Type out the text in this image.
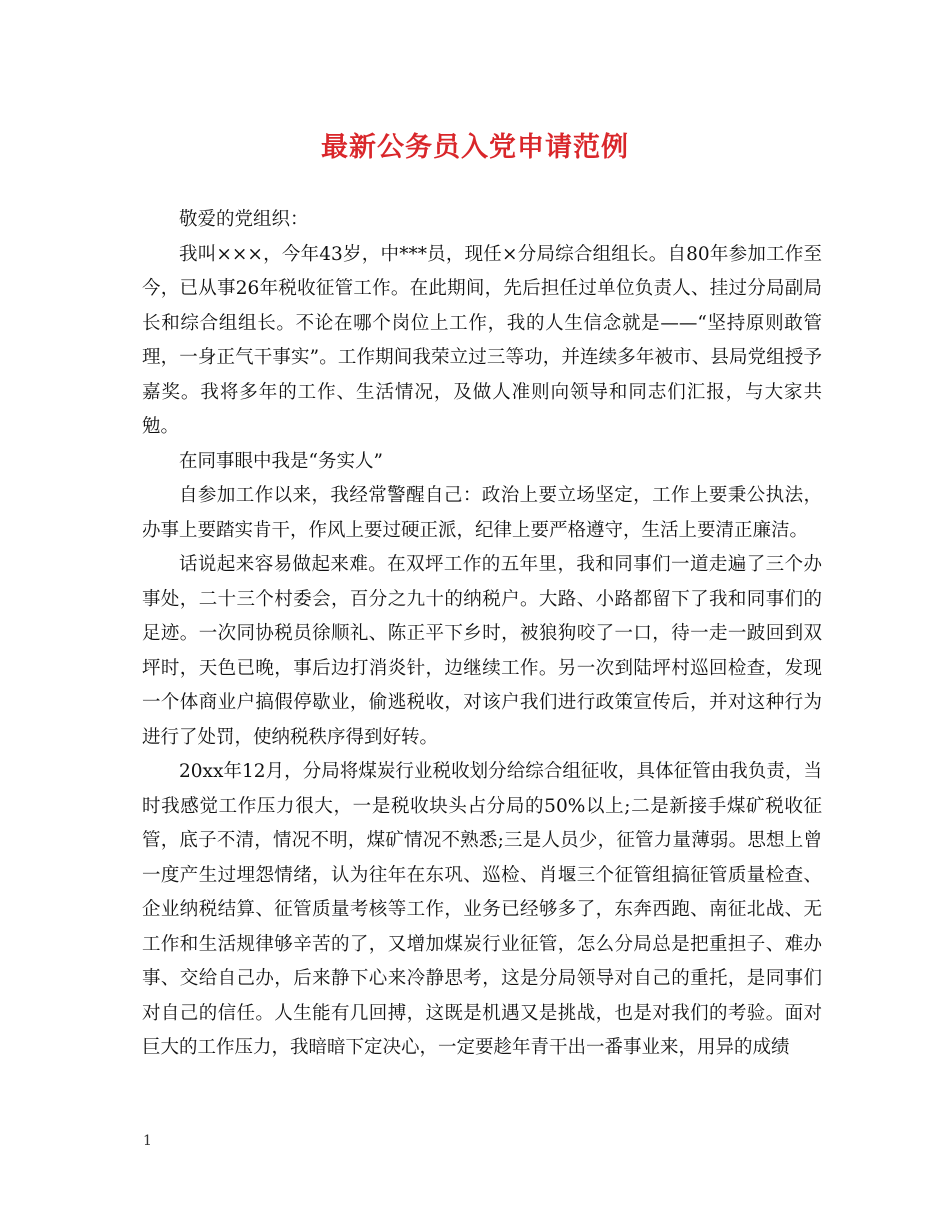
最新公务员入党申请范例

敬爱的党组织：

我叫×××，今年43岁，中***员，现任×分局综合组组长。自80年参加工作至今，已从事26年税收征管工作。在此期间，先后担任过单位负责人、挂过分局副局长和综合组组长。不论在哪个岗位上工作，我的人生信念就是——“坚持原则敢管理，一身正气干事实”。工作期间我荣立过三等功，并连续多年被市、县局党组授予嘉奖。我将多年的工作、生活情况，及做人准则向领导和同志们汇报，与大家共勉。

在同事眼中我是“务实人”

自参加工作以来，我经常警醒自己：政治上要立场坚定，工作上要秉公执法，办事上要踏实肯干，作风上要过硬正派，纪律上要严格遵守，生活上要清正廉洁。

话说起来容易做起来难。在双坪工作的五年里，我和同事们一道走遍了三个办事处，二十三个村委会，百分之九十的纳税户。大路、小路都留下了我和同事们的足迹。一次同协税员徐顺礼、陈正平下乡时，被狼狗咬了一口，待一走一跛回到双坪时，天色已晚，事后边打消炎针，边继续工作。另一次到陆坪村巡回检查，发现一个体商业户搞假停歇业，偷逃税收，对该户我们进行政策宣传后，并对这种行为进行了处罚，使纳税秩序得到好转。

20xx年12月，分局将煤炭行业税收划分给综合组征收，具体征管由我负责，当时我感觉工作压力很大，一是税收块头占分局的50%以上;二是新接手煤矿税收征管，底子不清，情况不明，煤矿情况不熟悉;三是人员少，征管力量薄弱。思想上曾一度产生过埋怨情绪，认为往年在东巩、巡检、肖堰三个征管组搞征管质量检查、企业纳税结算、征管质量考核等工作，业务已经够多了，东奔西跑、南征北战、无工作和生活规律够辛苦的了，又增加煤炭行业征管，怎么分局总是把重担子、难办事、交给自己办，后来静下心来冷静思考，这是分局领导对自己的重托，是同事们对自己的信任。人生能有几回搏，这既是机遇又是挑战，也是对我们的考验。面对巨大的工作压力，我暗暗下定决心，一定要趁年青干出一番事业来，用异的成绩

1
